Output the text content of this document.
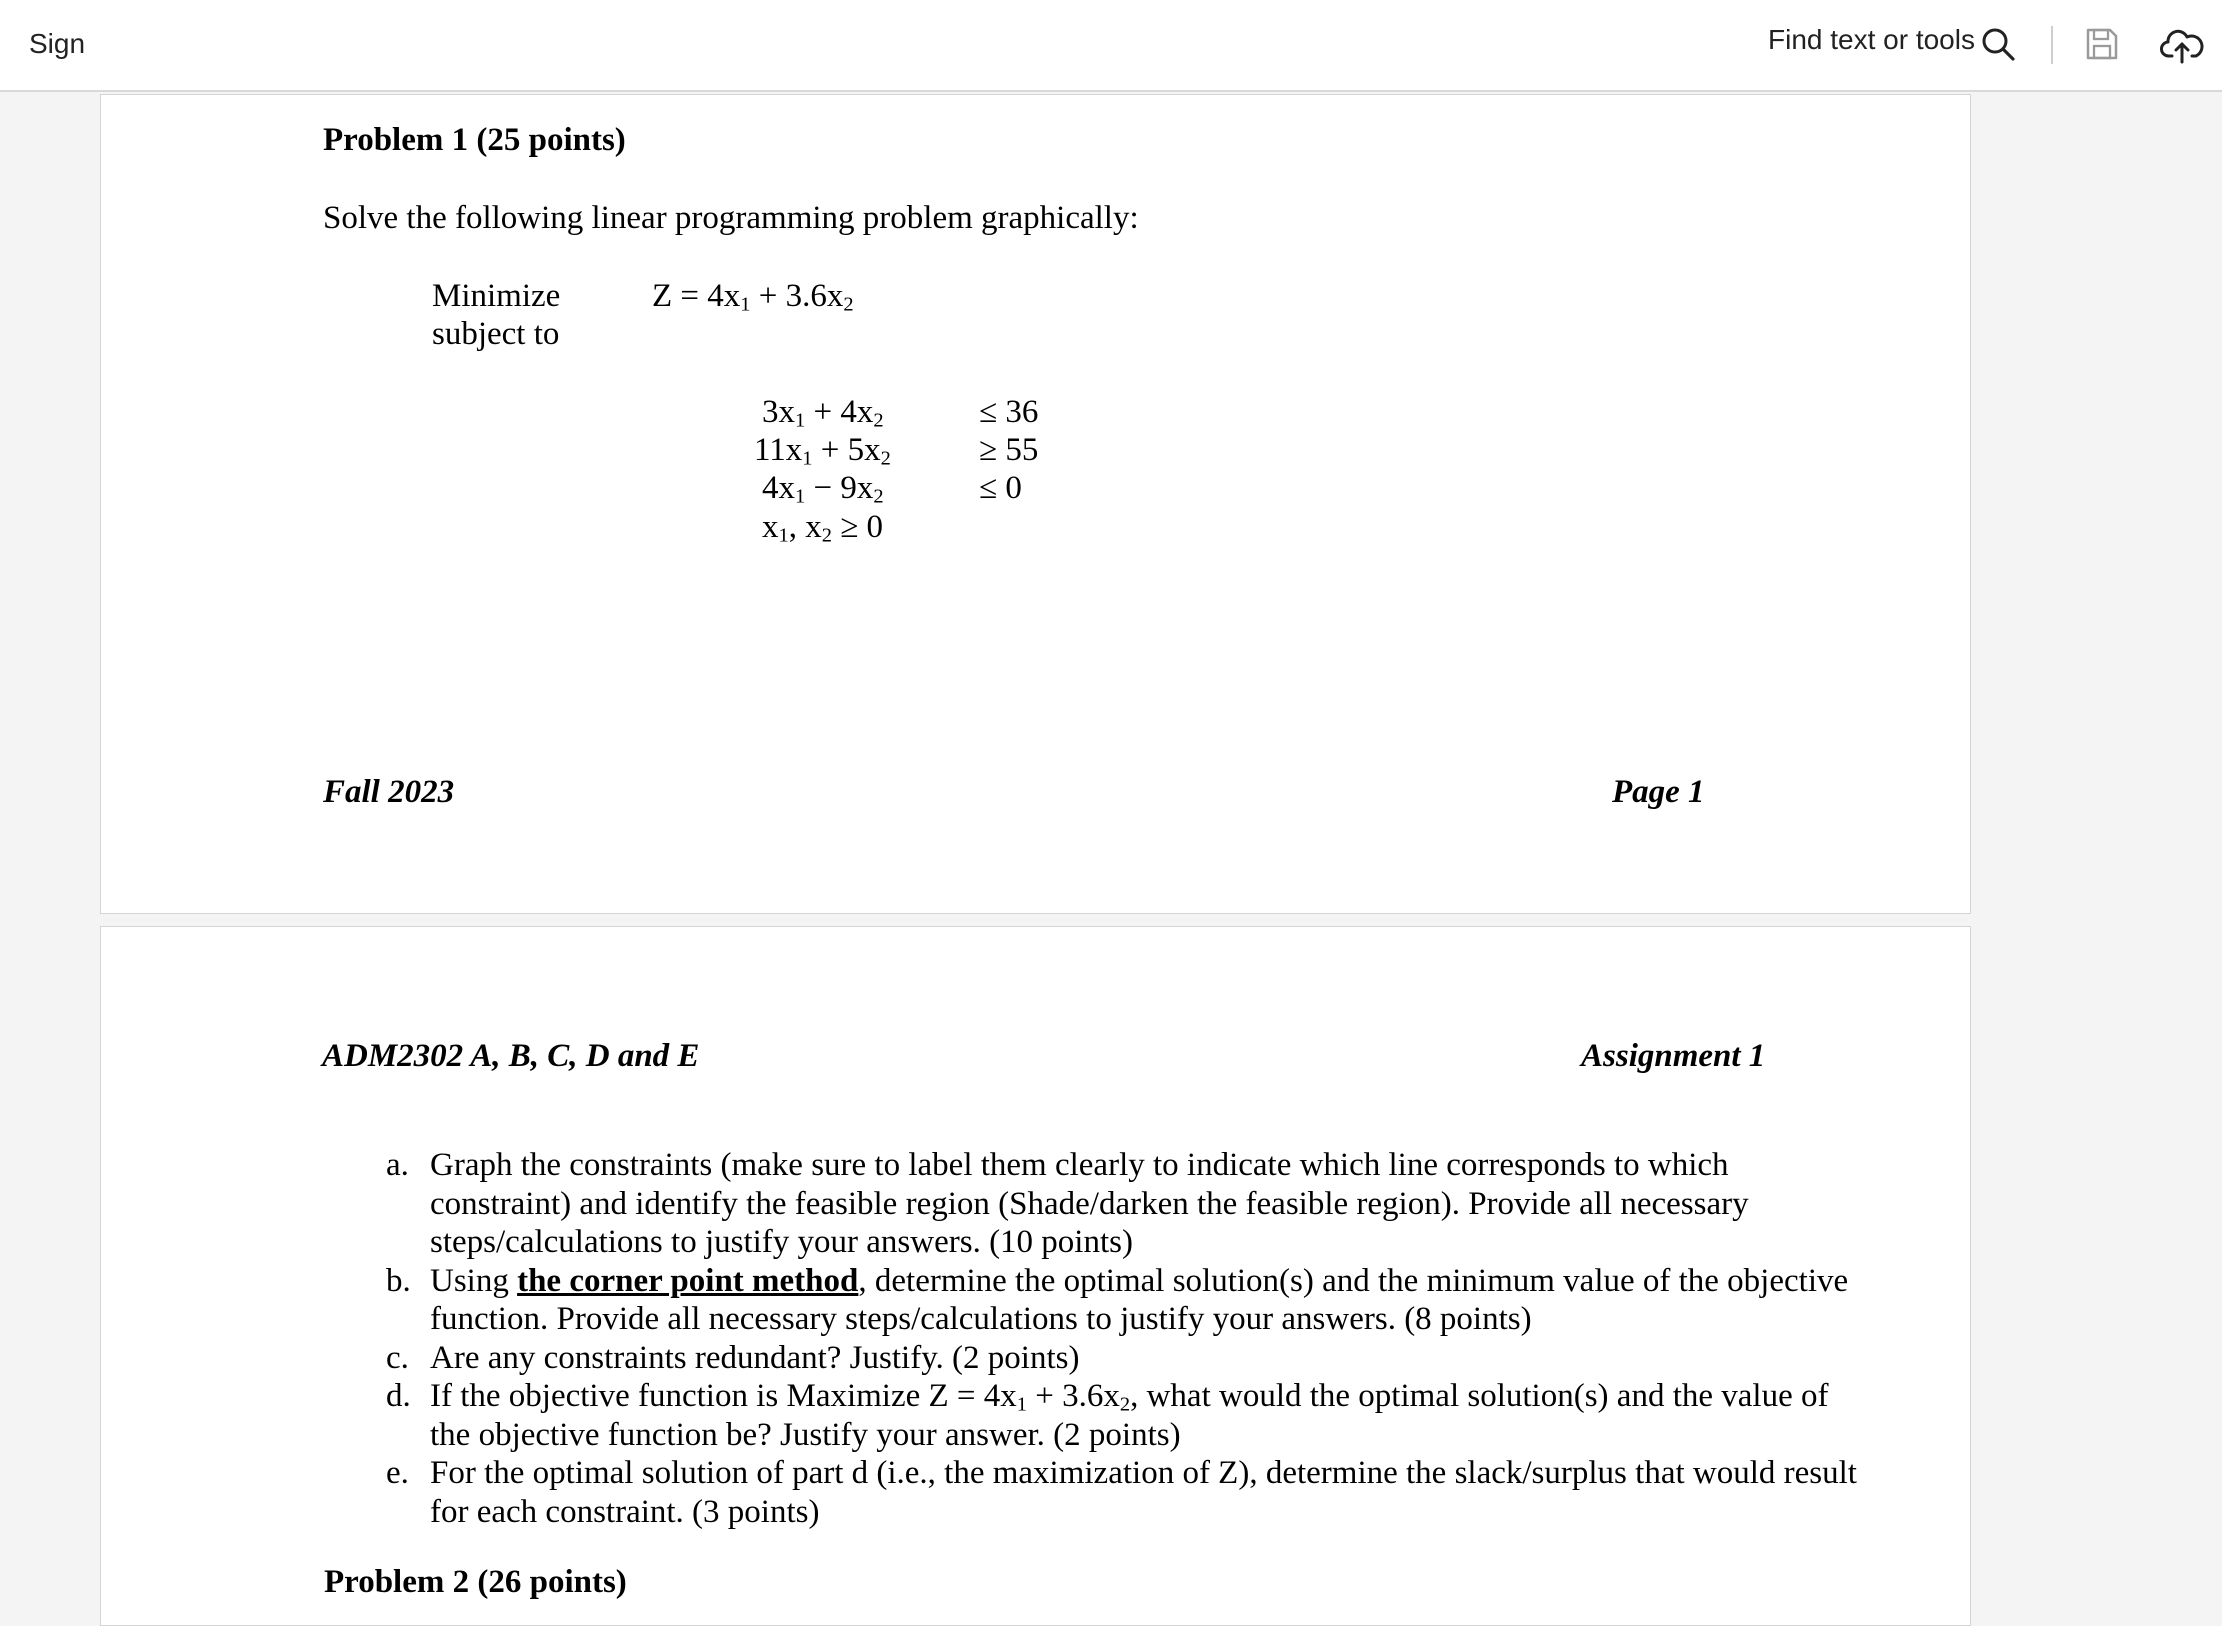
Sign	Find text or tools
Problem 1 (25 points)
Solve the following linear programming problem graphically:
Minimize
subject to
$Z = 4x_1 + 3.6x_2$
$3x_1 + 4x_2$	≤ 36
$11x_1 + 5x_2$	≥ 55
$4x_1 - 9x_2$	≤ 0
$x_1$, $x_2 \ge 0$
Fall 2023	Page 1
ADM2302 A, B, C, D and E	Assignment 1
a. Graph the constraints (make sure to label them clearly to indicate which line corresponds to which constraint) and identify the feasible region (Shade/darken the feasible region). Provide all necessary steps/calculations to justify your answers. (10 points)
b. Using the corner point method, determine the optimal solution(s) and the minimum value of the objective function. Provide all necessary steps/calculations to justify your answers. (8 points)
c. Are any constraints redundant? Justify. (2 points)
d. If the objective function is Maximize $Z = 4x_1 + 3.6x_2$, what would the optimal solution(s) and the value of the objective function be? Justify your answer. (2 points)
e. For the optimal solution of part d (i.e., the maximization of Z), determine the slack/surplus that would result for each constraint. (3 points)
Problem 2 (26 points)
